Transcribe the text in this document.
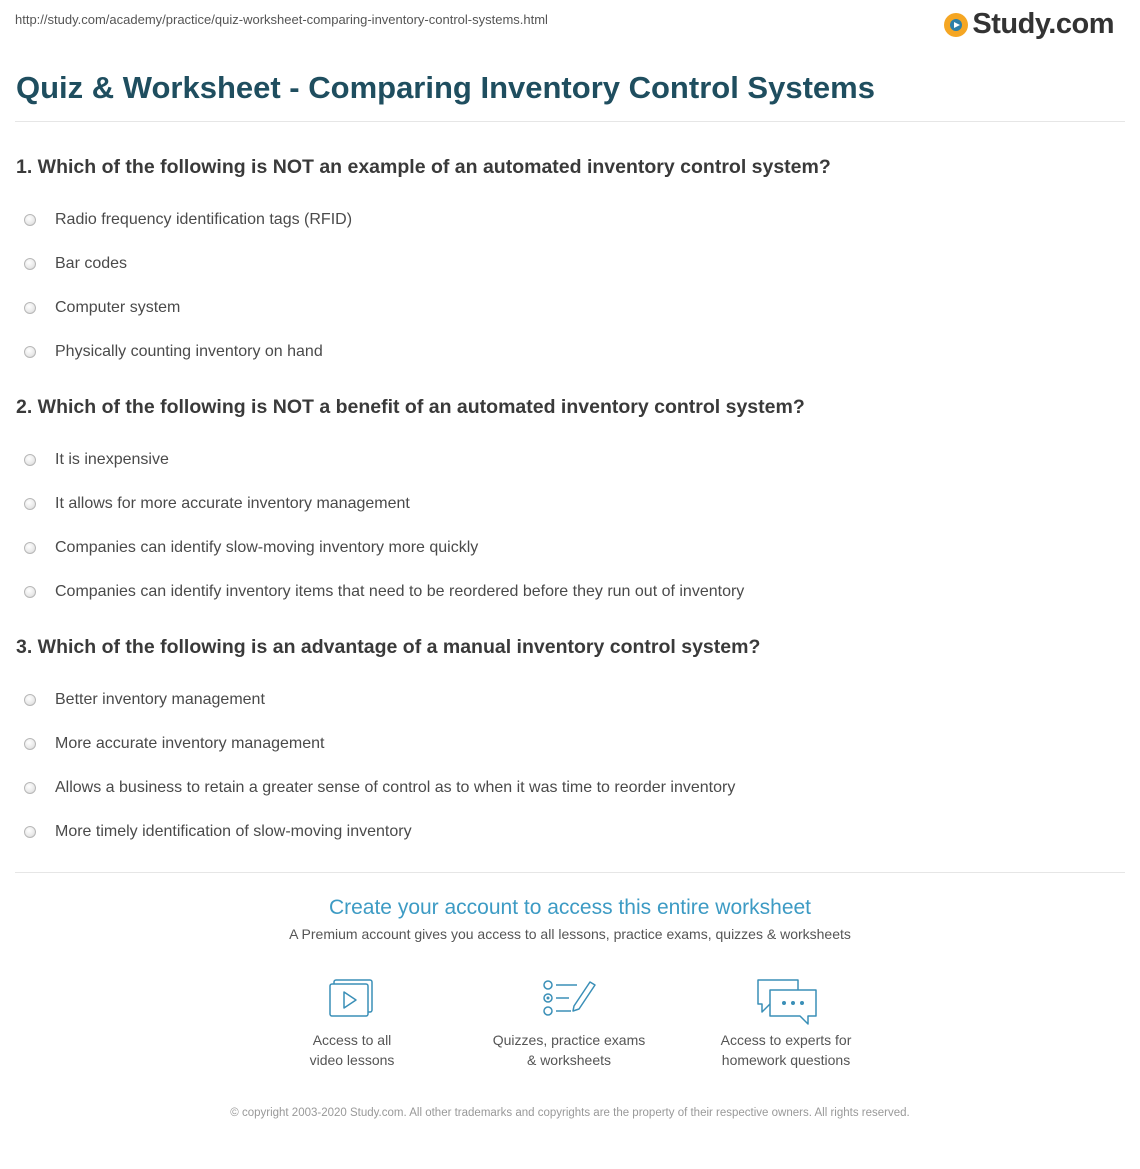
http://study.com/academy/practice/quiz-worksheet-comparing-inventory-control-systems.html	Study.com
Quiz & Worksheet - Comparing Inventory Control Systems
1. Which of the following is NOT an example of an automated inventory control system?
Radio frequency identification tags (RFID)
Bar codes
Computer system
Physically counting inventory on hand
2. Which of the following is NOT a benefit of an automated inventory control system?
It is inexpensive
It allows for more accurate inventory management
Companies can identify slow-moving inventory more quickly
Companies can identify inventory items that need to be reordered before they run out of inventory
3. Which of the following is an advantage of a manual inventory control system?
Better inventory management
More accurate inventory management
Allows a business to retain a greater sense of control as to when it was time to reorder inventory
More timely identification of slow-moving inventory
Create your account to access this entire worksheet
A Premium account gives you access to all lessons, practice exams, quizzes & worksheets
Access to all
video lessons
Quizzes, practice exams
& worksheets
Access to experts for
homework questions
© copyright 2003-2020 Study.com. All other trademarks and copyrights are the property of their respective owners. All rights reserved.
